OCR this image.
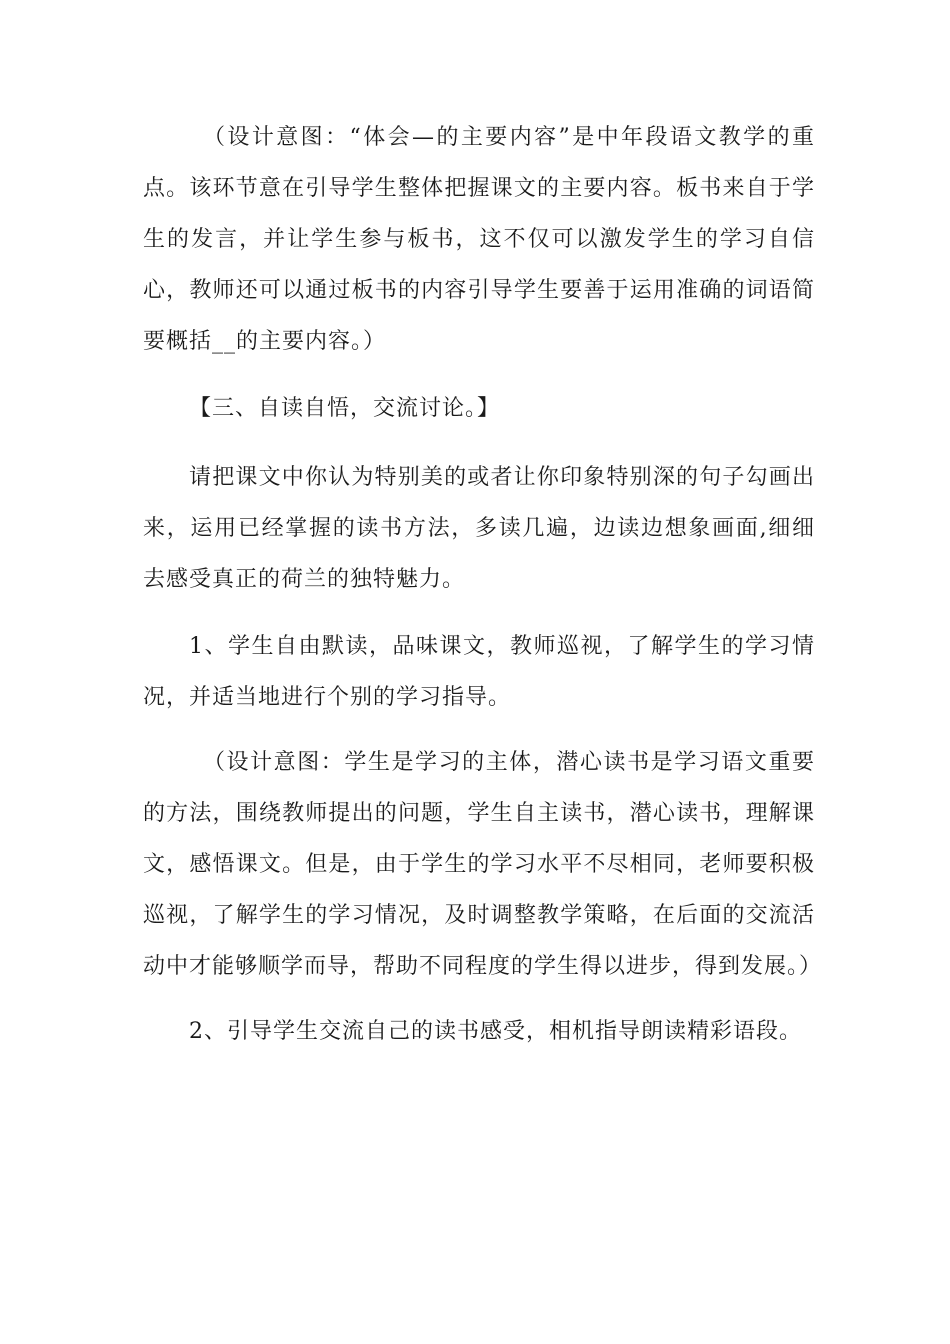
（设计意图：“体会—的主要内容”是中年段语文教学的重点。该环节意在引导学生整体把握课文的主要内容。板书来自于学生的发言，并让学生参与板书，这不仅可以激发学生的学习自信心，教师还可以通过板书的内容引导学生要善于运用准确的词语简要概括__的主要内容。）

【三、自读自悟，交流讨论。】

请把课文中你认为特别美的或者让你印象特别深的句子勾画出来，运用已经掌握的读书方法，多读几遍，边读边想象画面,细细去感受真正的荷兰的独特魅力。

1、学生自由默读，品味课文，教师巡视，了解学生的学习情况，并适当地进行个别的学习指导。

（设计意图：学生是学习的主体，潜心读书是学习语文重要的方法，围绕教师提出的问题，学生自主读书，潜心读书，理解课文，感悟课文。但是，由于学生的学习水平不尽相同，老师要积极巡视，了解学生的学习情况，及时调整教学策略，在后面的交流活动中才能够顺学而导，帮助不同程度的学生得以进步，得到发展。）

2、引导学生交流自己的读书感受，相机指导朗读精彩语段。
